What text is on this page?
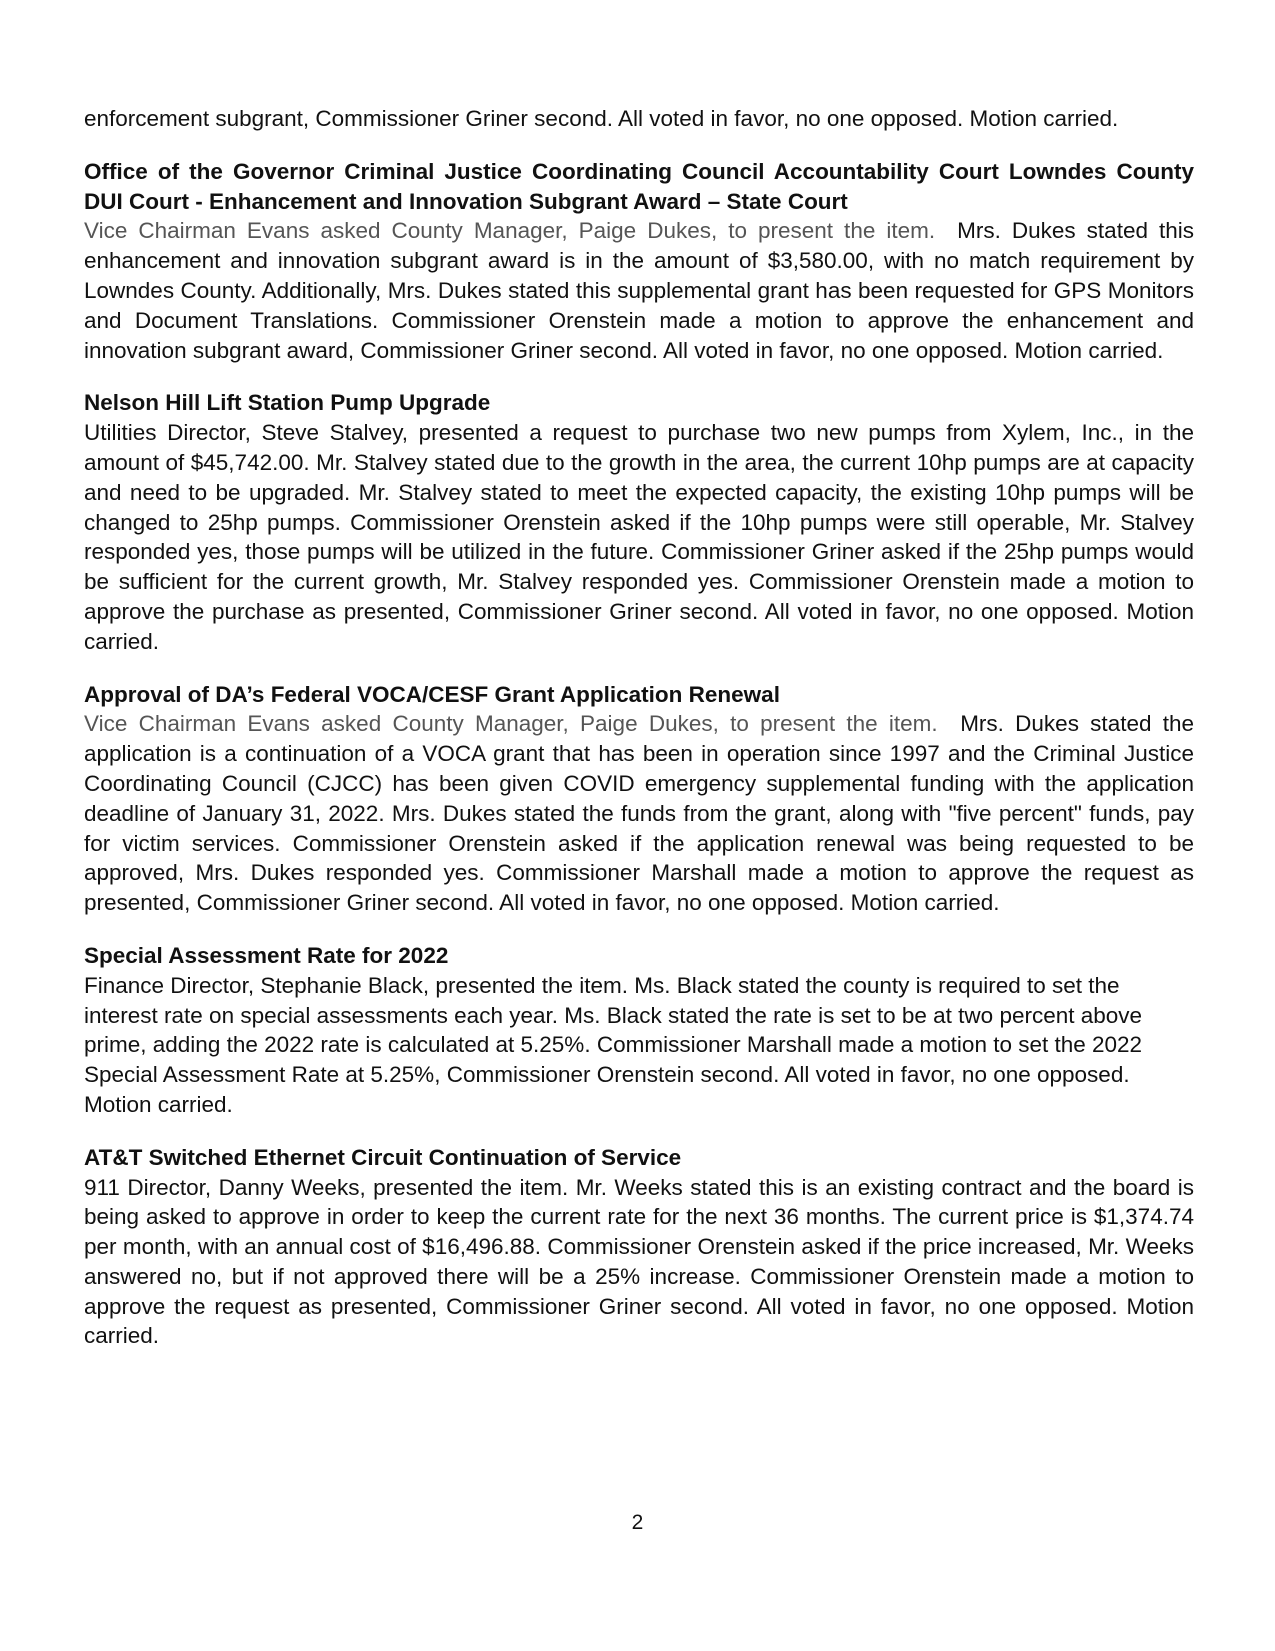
enforcement subgrant, Commissioner Griner second. All voted in favor, no one opposed. Motion carried.

Office of the Governor Criminal Justice Coordinating Council Accountability Court Lowndes County DUI Court - Enhancement and Innovation Subgrant Award – State Court

Vice Chairman Evans asked County Manager, Paige Dukes, to present the item. Mrs. Dukes stated this enhancement and innovation subgrant award is in the amount of $3,580.00, with no match requirement by Lowndes County. Additionally, Mrs. Dukes stated this supplemental grant has been requested for GPS Monitors and Document Translations. Commissioner Orenstein made a motion to approve the enhancement and innovation subgrant award, Commissioner Griner second. All voted in favor, no one opposed. Motion carried.

Nelson Hill Lift Station Pump Upgrade

Utilities Director, Steve Stalvey, presented a request to purchase two new pumps from Xylem, Inc., in the amount of $45,742.00. Mr. Stalvey stated due to the growth in the area, the current 10hp pumps are at capacity and need to be upgraded. Mr. Stalvey stated to meet the expected capacity, the existing 10hp pumps will be changed to 25hp pumps. Commissioner Orenstein asked if the 10hp pumps were still operable, Mr. Stalvey responded yes, those pumps will be utilized in the future. Commissioner Griner asked if the 25hp pumps would be sufficient for the current growth, Mr. Stalvey responded yes. Commissioner Orenstein made a motion to approve the purchase as presented, Commissioner Griner second. All voted in favor, no one opposed. Motion carried.

Approval of DA’s Federal VOCA/CESF Grant Application Renewal

Vice Chairman Evans asked County Manager, Paige Dukes, to present the item. Mrs. Dukes stated the application is a continuation of a VOCA grant that has been in operation since 1997 and the Criminal Justice Coordinating Council (CJCC) has been given COVID emergency supplemental funding with the application deadline of January 31, 2022. Mrs. Dukes stated the funds from the grant, along with "five percent" funds, pay for victim services. Commissioner Orenstein asked if the application renewal was being requested to be approved, Mrs. Dukes responded yes. Commissioner Marshall made a motion to approve the request as presented, Commissioner Griner second. All voted in favor, no one opposed. Motion carried.

Special Assessment Rate for 2022

Finance Director, Stephanie Black, presented the item. Ms. Black stated the county is required to set the interest rate on special assessments each year. Ms. Black stated the rate is set to be at two percent above prime, adding the 2022 rate is calculated at 5.25%. Commissioner Marshall made a motion to set the 2022 Special Assessment Rate at 5.25%, Commissioner Orenstein second. All voted in favor, no one opposed. Motion carried.

AT&T Switched Ethernet Circuit Continuation of Service

911 Director, Danny Weeks, presented the item. Mr. Weeks stated this is an existing contract and the board is being asked to approve in order to keep the current rate for the next 36 months. The current price is $1,374.74 per month, with an annual cost of $16,496.88. Commissioner Orenstein asked if the price increased, Mr. Weeks answered no, but if not approved there will be a 25% increase. Commissioner Orenstein made a motion to approve the request as presented, Commissioner Griner second. All voted in favor, no one opposed. Motion carried.

2
